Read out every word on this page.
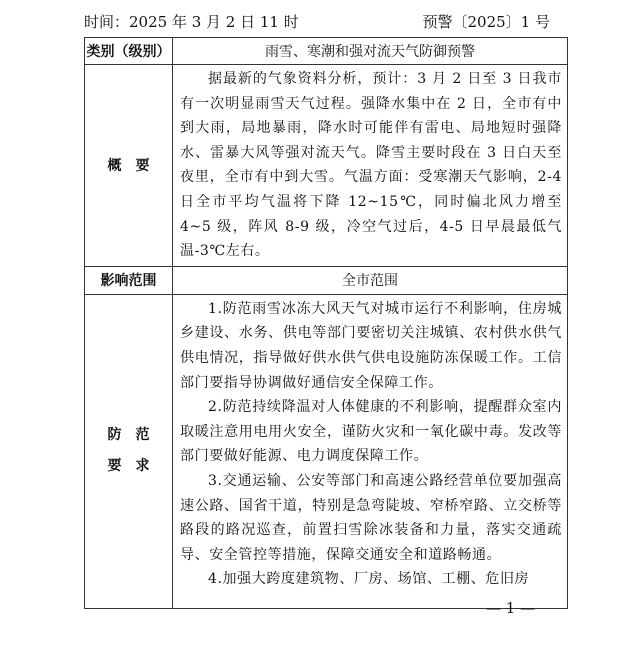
时间：2025 年 3 月 2 日 11 时	预警〔2025〕1 号
类别（级别）	雨雪、寒潮和强对流天气防御预警
概　要	据最新的气象资料分析，预计：3 月 2 日至 3 日我市有一次明显雨雪天气过程。强降水集中在 2 日，全市有中到大雨，局地暴雨，降水时可能伴有雷电、局地短时强降水、雷暴大风等强对流天气。降雪主要时段在 3 日白天至夜里，全市有中到大雪。气温方面：受寒潮天气影响，2-4 日全市平均气温将下降 12~15℃，同时偏北风力增至 4~5 级，阵风 8-9 级，冷空气过后，4-5 日早晨最低气温-3℃左右。

影响范围	全市范围

防范要求	1.防范雨雪冰冻大风天气对城市运行不利影响，住房城乡建设、水务、供电等部门要密切关注城镇、农村供水供气供电情况，指导做好供水供气供电设施防冻保暖工作。工信部门要指导协调做好通信安全保障工作。

2.防范持续降温对人体健康的不利影响，提醒群众室内取暖注意用电用火安全，谨防火灾和一氧化碳中毒。发改等部门要做好能源、电力调度保障工作。

3.交通运输、公安等部门和高速公路经营单位要加强高速公路、国省干道，特别是急弯陡坡、窄桥窄路、立交桥等路段的路况巡查，前置扫雪除冰装备和力量，落实交通疏导、安全管控等措施，保障交通安全和道路畅通。

4.加强大跨度建筑物、厂房、场馆、工棚、危旧房

— 1 —
